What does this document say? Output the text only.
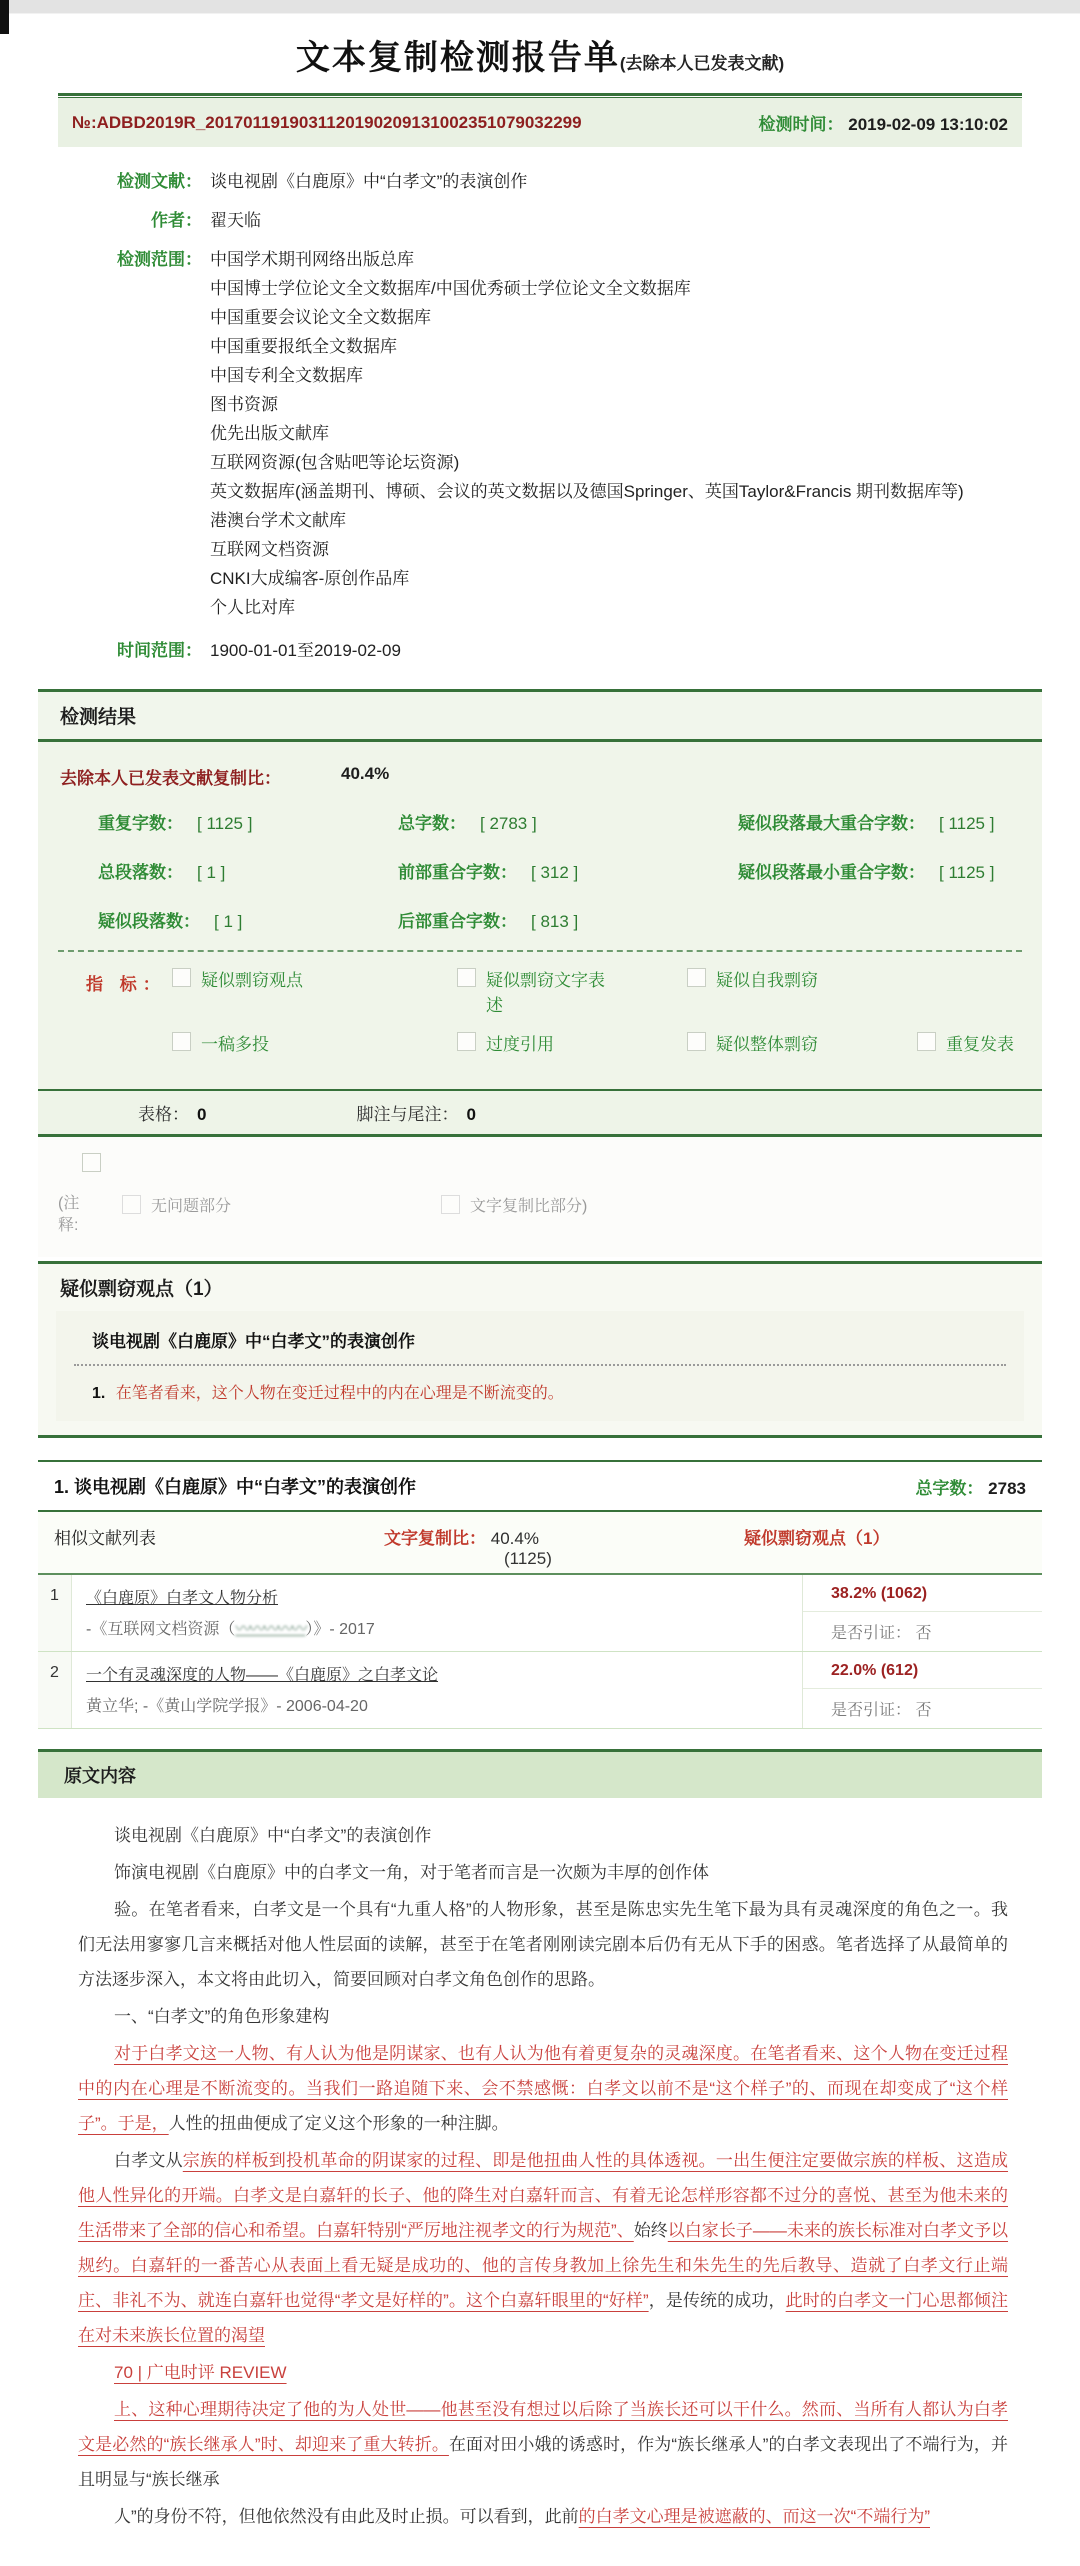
文本复制检测报告单(去除本人已发表文献)
№:ADBD2019R_2017011919031120190209131002351079032299	检测时间： 2019-02-09 13:10:02
检测文献： 谈电视剧《白鹿原》中“白孝文”的表演创作
作者： 翟天临
检测范围： 中国学术期刊网络出版总库
中国博士学位论文全文数据库/中国优秀硕士学位论文全文数据库
中国重要会议论文全文数据库
中国重要报纸全文数据库
中国专利全文数据库
图书资源
优先出版文献库
互联网资源(包含贴吧等论坛资源)
英文数据库(涵盖期刊、博硕、会议的英文数据以及德国Springer、英国Taylor&Francis 期刊数据库等)
港澳台学术文献库
互联网文档资源
CNKI大成编客-原创作品库
个人比对库
时间范围： 1900-01-01至2019-02-09
检测结果
去除本人已发表文献复制比：	40.4%
重复字数： [ 1125 ]	总字数： [ 2783 ]	疑似段落最大重合字数： [ 1125 ]
总段落数： [ 1 ]	前部重合字数： [ 312 ]	疑似段落最小重合字数： [ 1125 ]
疑似段落数： [ 1 ]	后部重合字数： [ 813 ]
指 标：	疑似剽窃观点	疑似剽窃文字表述
疑似自我剽窃
一稿多投	过度引用	疑似整体剽窃	重复发表
表格： 0	脚注与尾注： 0
(注 释:
无问题部分	文字复制比部分)
疑似剽窃观点（1）
谈电视剧《白鹿原》中“白孝文”的表演创作
1. 在笔者看来，这个人物在变迁过程中的内在心理是不断流变的。
1. 谈电视剧《白鹿原》中“白孝文”的表演创作	总字数： 2783
相似文献列表	文字复制比： 40.4%
(1125)
疑似剽窃观点（1）
1	《白鹿原》白孝文人物分析
-《互联网文档资源（〰〰〰〰〰）》- 2017
38.2% (1062)
是否引证： 否
2	一个有灵魂深度的人物——《白鹿原》之白孝文论
黄立华; -《黄山学院学报》- 2006-04-20
22.0% (612)
是否引证： 否
原文内容

谈电视剧《白鹿原》中“白孝文”的表演创作

饰演电视剧《白鹿原》中的白孝文一角，对于笔者而言是一次颇为丰厚的创作体

验。在笔者看来，白孝文是一个具有“九重人格”的人物形象，甚至是陈忠实先生笔下最为具有灵魂深度的角色之一。我们无法用寥寥几言来概括对他人性层面的读解，甚至于在笔者刚刚读完剧本后仍有无从下手的困惑。笔者选择了从最简单的方法逐步深入，本文将由此切入，简要回顾对白孝文角色创作的思路。

一、“白孝文”的角色形象建构

对于白孝文这一人物、有人认为他是阴谋家、也有人认为他有着更复杂的灵魂深度。在笔者看来、这个人物在变迁过程中的内在心理是不断流变的。当我们一路追随下来、会不禁感慨：白孝文以前不是“这个样子”的、而现在却变成了“这个样子”。于是，人性的扭曲便成了定义这个形象的一种注脚。

白孝文从宗族的样板到投机革命的阴谋家的过程、即是他扭曲人性的具体透视。一出生便注定要做宗族的样板、这造成他人性异化的开端。白孝文是白嘉轩的长子、他的降生对白嘉轩而言、有着无论怎样形容都不过分的喜悦、甚至为他未来的生活带来了全部的信心和希望。白嘉轩特别“严厉地注视孝文的行为规范”、始终以白家长子——未来的族长标准对白孝文予以规约。白嘉轩的一番苦心从表面上看无疑是成功的、他的言传身教加上徐先生和朱先生的先后教导、造就了白孝文行止端庄、非礼不为、就连白嘉轩也觉得“孝文是好样的”。这个白嘉轩眼里的“好样”，是传统的成功，此时的白孝文一门心思都倾注在对未来族长位置的渴望

70 | 广电时评 REVIEW

上、这种心理期待决定了他的为人处世——他甚至没有想过以后除了当族长还可以干什么。然而、当所有人都认为白孝文是必然的“族长继承人”时、却迎来了重大转折。在面对田小娥的诱惑时，作为“族长继承人”的白孝文表现出了不端行为，并且明显与“族长继承

人”的身份不符，但他依然没有由此及时止损。可以看到，此前的白孝文心理是被遮蔽的、而这一次“不端行为”
